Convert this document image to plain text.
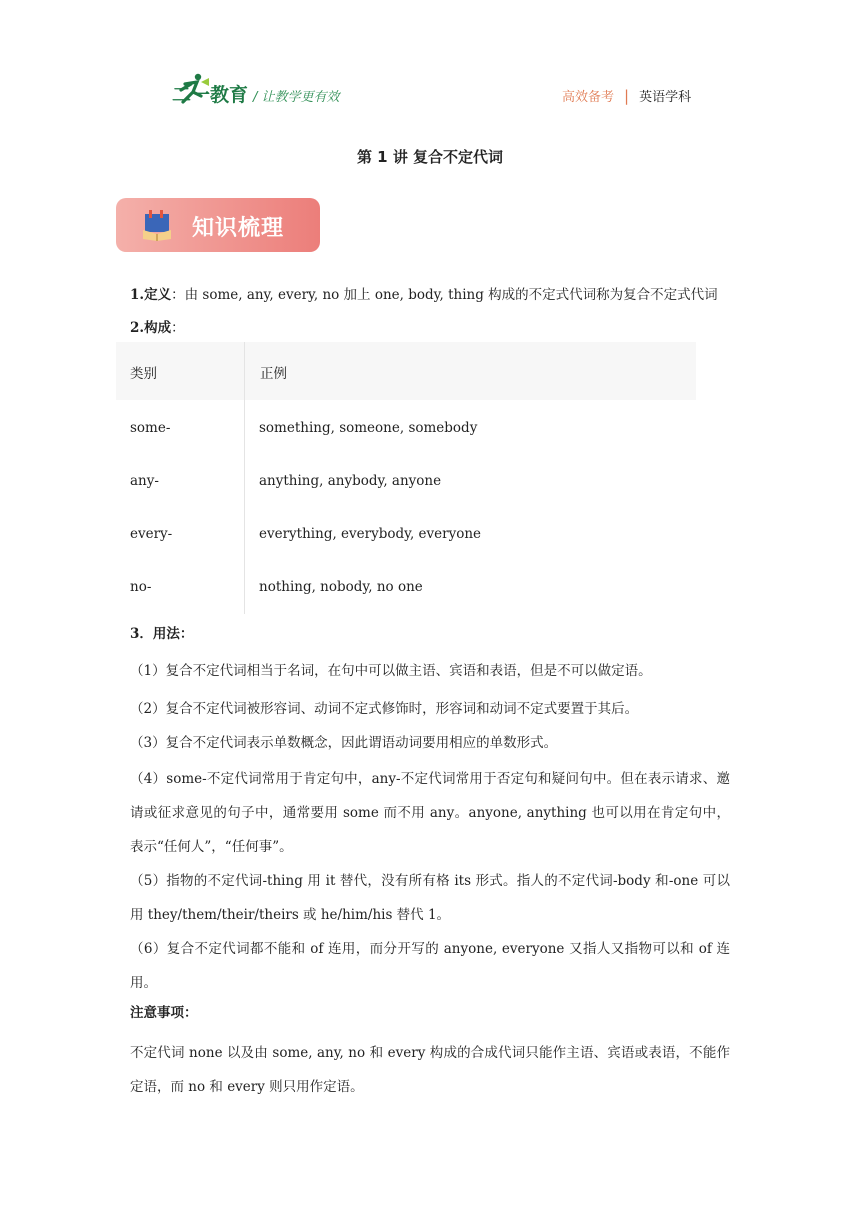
二一教育 / 让教学更有效	高效备考 | 英语学科
第 1 讲 复合不定代词
知识梳理
1.定义：由 some, any, every, no 加上 one, body, thing 构成的不定式代词称为复合不定式代词
2.构成：
类别	正例
some-	something, someone, somebody
any-	anything, anybody, anyone
every-	everything, everybody, everyone
no-	nothing, nobody, no one
3．用法：
（1）复合不定代词相当于名词，在句中可以做主语、宾语和表语，但是不可以做定语。
（2）复合不定代词被形容词、动词不定式修饰时，形容词和动词不定式要置于其后。
（3）复合不定代词表示单数概念，因此谓语动词要用相应的单数形式。
（4）some-不定代词常用于肯定句中，any-不定代词常用于否定句和疑问句中。但在表示请求、邀请或征求意见的句子中，通常要用 some 而不用 any。anyone, anything 也可以用在肯定句中，表示“任何人”，“任何事”。
（5）指物的不定代词-thing 用 it 替代，没有所有格 its 形式。指人的不定代词-body 和-one 可以用 they/them/their/theirs 或 he/him/his 替代 1。
（6）复合不定代词都不能和 of 连用，而分开写的 anyone, everyone 又指人又指物可以和 of 连用。
注意事项：
不定代词 none 以及由 some, any, no 和 every 构成的合成代词只能作主语、宾语或表语，不能作定语，而 no 和 every 则只用作定语。
